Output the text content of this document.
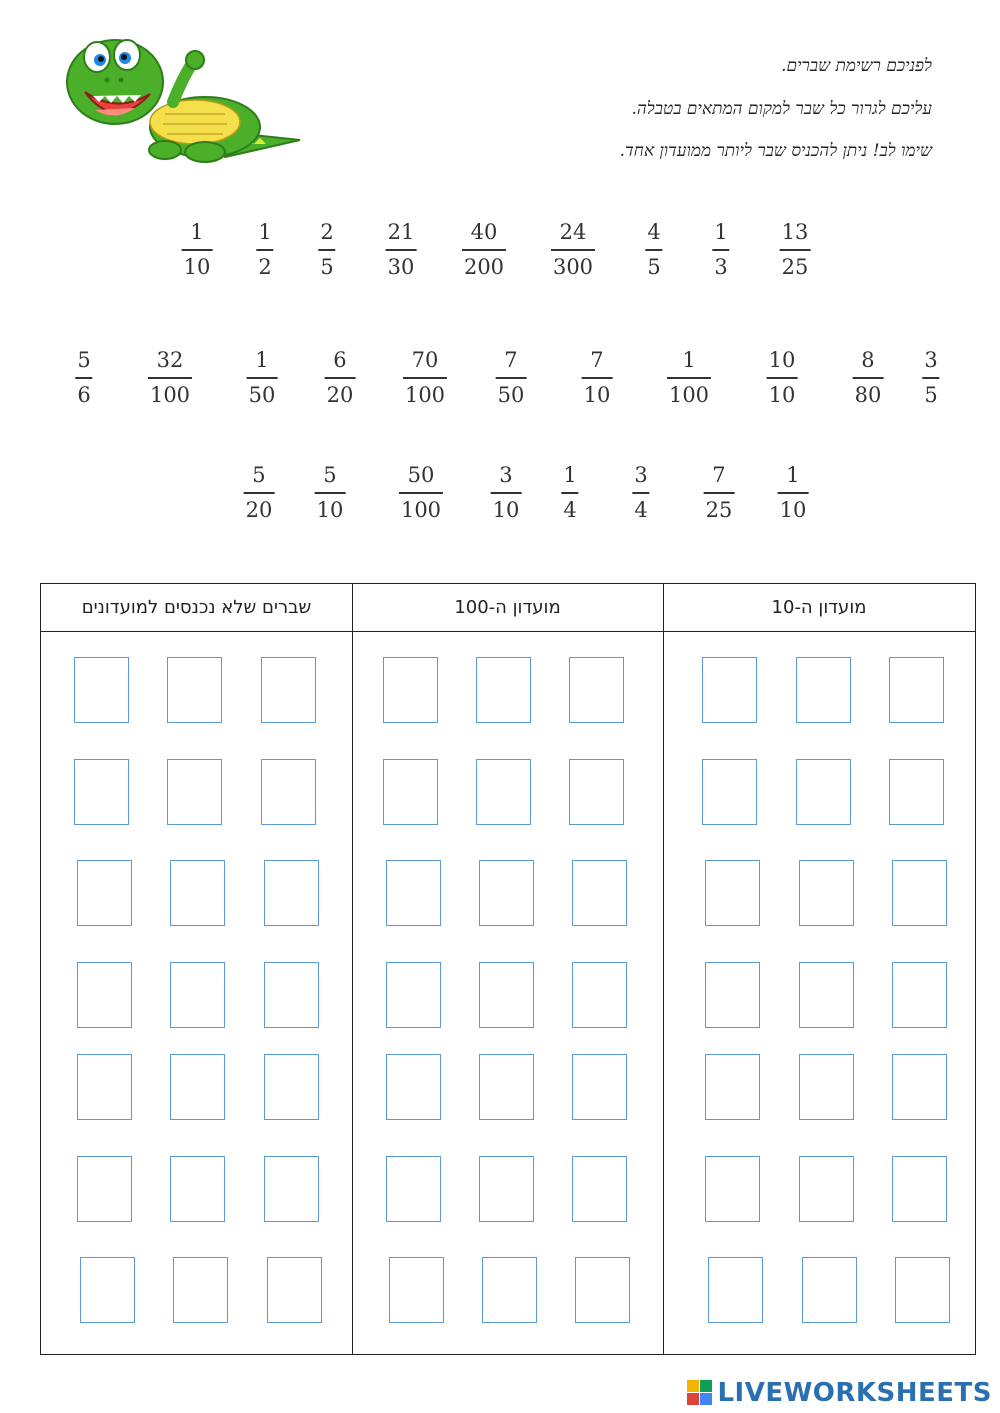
לפניכם רשימת שברים.
עליכם לגרור כל שבר למקום המתאים בטבלה.
שימו לב! ניתן להכניס שבר ליותר ממועדון אחד.
1
10
1
2
2
5
21
30
40
200
24
300
4
5
1
3
13
25
5
6
32
100
1
50
6
20
70
100
7
50
7
10
1
100
10
10
8
80
3
5
5
20
5
10
50
100
3
10
1
4
3
4
7
25
1
10
שברים שלא נכנסים למועדונים	מועדון ה-100	מועדון ה-10
LIVEWORKSHEETS
